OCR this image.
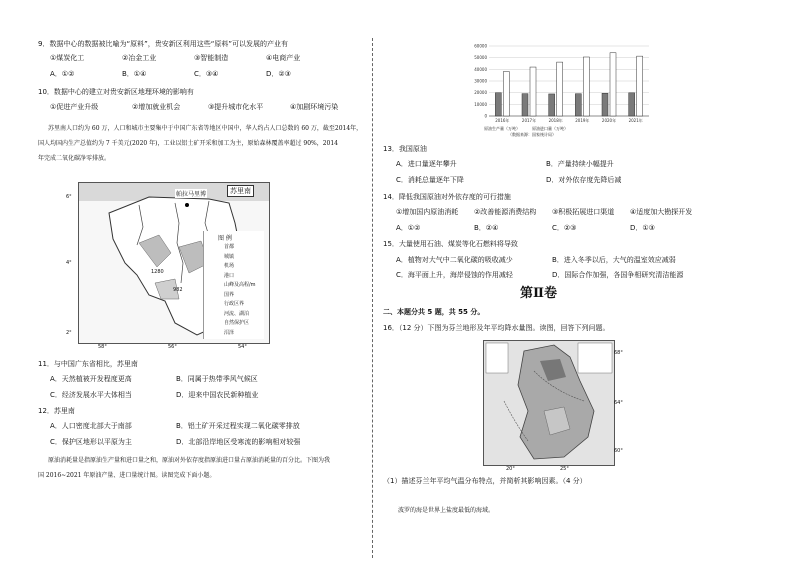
9．数据中心的数据被比喻为“原料”，贵安新区利用这些“原料”可以发展的产业有
①煤炭化工	②冶金工业	③智能制造	④电商产业
A．①②	B．①④	C．③④	D．②③
10．数据中心的建立对贵安新区地理环境的影响有
①促进产业升级	②增加就业机会	③提升城市化水平	④加剧环境污染
苏里南人口约为 60 万，人口和城市主要集中于中国广东省等地区中国中，华人约占人口总数的 60 万，截至2014年，
国人均国内生产总值约为 7 千美元(2020 年)，工业以铝土矿开采和加工为主，原始森林覆盖率超过 90%，2014
年完成二氧化碳净零排放。
帕拉马里博	苏里南
1280
982
图 例
首都
城镇
机场
港口
山峰及高程/m
国界
行政区界
河流、湖泊
自然保护区
沼泽
6°
4°
2°
58°	56°	54°
11．与中国广东省相比，苏里南
A．天然植被开发程度更高	B．同属于热带季风气候区
C．经济发展水平大体相当	D．迎来中国农民新种植业
12．苏里南
A．人口密度北部大于南部	B．铝土矿开采过程实现二氧化碳零排放
C．保护区地形以平原为主	D．北部沿岸地区受寒流的影响相对较强
原油消耗量是指原油生产量和进口量之和，原油对外依存度指原油进口量占原油消耗量的百分比。下图为我
国 2016~2021 年原油产量、进口量统计图。读图完成下面小题。
60000
50000
40000
30000
20000
10000
0
2016年	2017年	2018年	2019年	2020年	2021年
原油生产量（万吨）	原油进口量（万吨）
（数据来源：国家统计局）
13．我国原油
A．进口量逐年攀升	B．产量持续小幅提升
C．消耗总量逐年下降	D．对外依存度先降后减
14．降低我国原油对外依存度的可行措施
①增加国内原油消耗 ②改善能源消费结构 ③积极拓展进口渠道 ④适度加大勘探开发
A．①②	B．②④	C．②③	D．①③
15．大量使用石油、煤炭等化石燃料将导致
A．植物对大气中二氧化碳的吸收减少	B．进入冬季以后，大气的温室效应减弱
C．海平面上升，海岸侵蚀的作用减轻	D．国际合作加强，各国争相研究清洁能源
第Ⅱ卷
二、本题分共 5 题，共 55 分。
16．（12 分）下图为芬兰地形及年平均降水量图。读图，回答下列问题。
68°
64°
60°
20°	25°
（1）描述芬兰年平均气温分布特点，并简析其影响因素。（4 分）
波罗的海是世界上盐度最低的海域。
